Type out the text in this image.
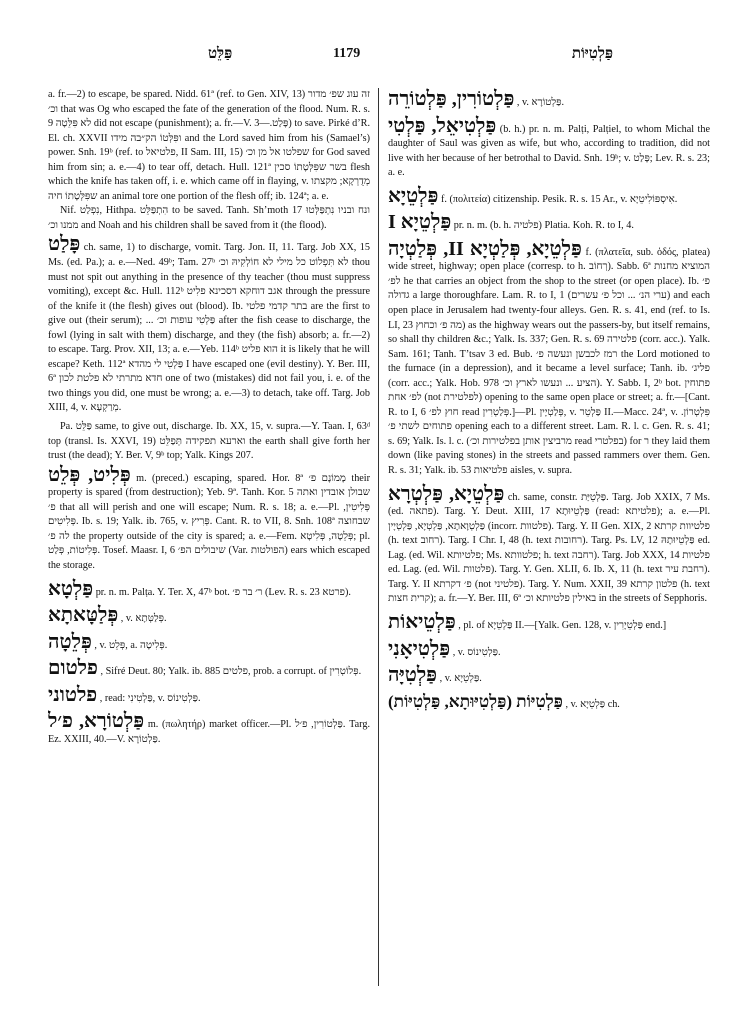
פַּלֵּט	1179	פַּלְטִיּוֹת

a. fr.—2) to escape, be spared. Nidd. 61ª (ref. to Gen. XIV, 13) זה עוג שפ׳ מדור וכ׳ that was Og who escaped the fate of the generation of the flood. Num. R. s. 9 לא פִּלֵּטָה did not escape (punishment); a. fr.—V. פָּלַט.—3) to save. Pirké d’R. El. ch. XXVII ופִּלְּטוֹ הק״בה מידו and the Lord saved him from his (Samael’s) power. Snh. 19ᵇ (ref. to פלטיאל, II Sam. III, 15) שפלטו אל מן וכ׳ for God saved him from sin; a. e.—4) to tear off, detach. Hull. 121ª בשר שפִּלְּטָתוֹ סכין flesh which the knife has taken off, i. e. which came off in flaying, v. מְדֻרְקָא; מקצתו שפִּלְּטָתוֹ חיה an animal tore one portion of the flesh off; ib. 124ª; a. e.

Nif. נִפְלַט, Hithpa. הִתְפַּלֵּט to be saved. Tanh. Sh’moth 17 ונח ובניו נִתְפַּלְּטוּ ממנו וכ׳ and Noah and his children shall be saved from it (the flood).

פָּלַט ch. same, 1) to discharge, vomit. Targ. Jon. II, 11. Targ. Job XX, 15 Ms. (ed. Pa.); a. e.—Ned. 49ᵇ; Tam. 27ᵇ לא תִּפְלוֹט כל מילי לא חוֹלְקִיהּ וכ׳ thou must not spit out anything in the presence of thy teacher (thou must suppress vomiting), except &c. Hull. 112ᵇ אגב דוחקא דסכינא פלִיט through the pressure of the knife it (the flesh) gives out (blood). Ib. בתר קדמי פלטי are the first to give out (their serum); ... פַּלְטִי עופות וכ׳ after the fish cease to discharge, the fowl (lying in salt with them) discharge, and they (the fish) absorb; a. fr.—2) to escape. Targ. Prov. XII, 13; a. e.—Yeb. 114ᵇ הוא פליט it is likely that he will escape? Keth. 112ª פַּלְטִי לי מהדא I have escaped one (evil destiny). Y. Ber. III, 6ª חדא מתרתי לא פלטת לכון one of two (mistakes) did not fail you, i. e. of the two things you did, one must be wrong; a. e.—3) to detach, take off. Targ. Job XIII, 4, v. מְרַקְעָא.

Pa. פַּלֵּט same, to give out, discharge. Ib. XX, 15, v. supra.—Y. Taan. I, 63ᵈ top (transl. Is. XXVI, 19) וארעא תפקידה תְּפַלֵּט the earth shall give forth her trust (the dead); Y. Ber. V, 9ᵇ top; Yalk. Kings 207.

פְּלִיט, פְּלֵט m. (preced.) escaping, spared. Hor. 8ª מָמוֹנָם פ׳ their property is spared (from destruction); Yeb. 9ª. Tanh. Kor. 5 שבולן אובדין ואתה פ׳ that all will perish and one will escape; Num. R. s. 18; a. e.—Pl. פְּלִיטִין, פְּלִיטִים. Ib. s. 19; Yalk. ib. 765, v. פְּרִיץ. Cant. R. to VII, 8. Snh. 108ª שבחוצה לה פ׳ the property outside of the city is spared; a. e.—Fem. פְּלֵטָה, פְּלִיטָא; pl. פְּלִיטוֹת, פְּלַט. Tosef. Maasr. I, 6 שיבולים הפ׳ (Var. הפולטות) ears which escaped the storage.
פַּלְטָא pr. n. m. Palṭa. Y. Ter. X, 47ᵇ bot. ר׳ בר פ׳ (Lev. R. s. 23 פרטא).
פְּלַטָּאתָא , v. פְּלַטְּתָא.
פְּלֵטָה , v. פְּלֵט, a. פְּלִיטָה.
פלטום , Sifré Deut. 80; Yalk. ib. 885 פלטים, prob. a corrupt. of פְּלוֹטְרִין.
פלטוני , read: פַּלְטִינִי, v. פַּלְטִינוֹס.
פַּלְטוֹרָא, פ׳ל m. (πωλητήρ) market officer.—Pl. פַּלְטוֹרִין, פ׳ל. Targ. Ez. XXIII, 40.—V. פַּלְטוֹרָא.
פַּלְטוֹרִין, פַּלְטוֹרֵה , v. פַּלְטוֹרָא.
פַּלְטִיאֵל, פַּלְטִי (b. h.) pr. n. m. Palṭi, Palṭiel, to whom Michal the daughter of Saul was given as wife, but who, according to tradition, did not live with her because of her betrothal to David. Snh. 19ᵇ; v. פָּלַט; Lev. R. s. 23; a. e.
פַּלְטֵיָא f. (πολιτεία) citizenship. Pesik. R. s. 15 Ar., v. אִיסְפּוֹלִיטֵיָא.
פַּלְטֵיָא I pr. n. m. (b. h. פלטיה) Platia. Koh. R. to I, 4.
פַּלְטֵיָא, פְּלַטְיָא II, פְּלַטְיָה f. (πλατεῖα, sub. ὁδός, platea) wide street, highway; open place (corresp. to h. רְחוֹב). Sabb. 6ª המוציא מחנות לפ׳ he that carries an object from the shop to the street (or open place). Ib. פ׳ גדולה a large thoroughfare. Lam. R. to I, 1 (ערי הנ׳ ... וכל פ׳ עשרים) and each open place in Jerusalem had twenty-four alleys. Gen. R. s. 41, end (ref. to Is. LI, 23 מה פ׳ וכחוץ) as the highway wears out the passers-by, but itself remains, so shall thy children &c.; Yalk. Is. 337; Gen. R. s. 69 פלטירה (corr. acc.). Yalk. Sam. 161; Tanh. T’tsav 3 ed. Bub. רמז לכבשן ונעשה פ׳ the Lord motioned to the furnace (in a depression), and it became a level surface; Tanh. ib. פליג׳ (corr. acc.; Yalk. Hob. 978 הציע ... ונעשו לארץ וכ׳). Y. Sabb. I, 2ᵇ bot. פתוחין לפ׳ אחת (not לפלטירת) opening to the same open place or street; a. fr.—[Cant. R. to I, 6 חוץ לפ׳ read פְּלַטְרִין.]—Pl. פְּלַטְיָין, v. פַּלְטֵר II.—Macc. 24ª, v. פִּלְטְרוֹן. פתוחים לשתי פ׳ opening each to a different street. Lam. R. l. c. Gen. R. s. 41; s. 69; Yalk. Is. l. c. (מרביצין אותן בפלטירות וכ׳ read בפלטרי) for ר they laid them down (like paving stones) in the streets and passed rammers over them. Gen. R. s. 31; Yalk. ib. 53 פלטיאות aisles, v. supra.
פַּלְטֵיָא, פַּלְטְרָא ch. same, constr. פַּלְטֵיַּת. Targ. Job XXIX, 7 Ms. (ed. פתאה). Targ. Y. Deut. XIII, 17 פַּלְטֵיוּתָא (read: פלטיתא); a. e.—Pl. פַּלְטְוָאתָא, פַּלְטְיָא, פַּלְטְיָין (incorr. פלטוות). Targ. Y. II Gen. XIX, 2 פלטיוות קרתא (h. text רחוב). Targ. I Chr. I, 48 (h. text רחובות). Targ. Ps. LV, 12 פַּלְטֵיוּתָהּ ed. Lag. (ed. Wil. פלטיותא; Ms. פלטוותא; h. text רחבה). Targ. Job XXX, 14 פלטיות ed. Lag. (ed. Wil. פלטוות). Targ. Y. Gen. XLII, 6. Ib. X, 11 (h. text רחבת עיר). Targ. Y. II פ׳ דקרתא (not פלטיני). Targ. Y. Num. XXII, 39 פלטון קרתא (h. text קרית חצות); a. fr.—Y. Ber. III, 6ª באילין פלטיותא וכ׳ in the streets of Sepphoris.
פַּלְטֵיאוֹת , pl. of פַּלְטֵיָא II.—[Yalk. Gen. 128, v. פַּלְטֵיָרִין end.]
פַּלְטִיאָנִי , v. פַּלְטִינוֹס.
פַּלְטִיָּה , v. פַּלְטֵיָא.
פַּלְטִיּוֹת (פַּלְטִיּוּתָא, פַּלְטִיּוֹת) , v. פַּלְטֵיָא ch.
